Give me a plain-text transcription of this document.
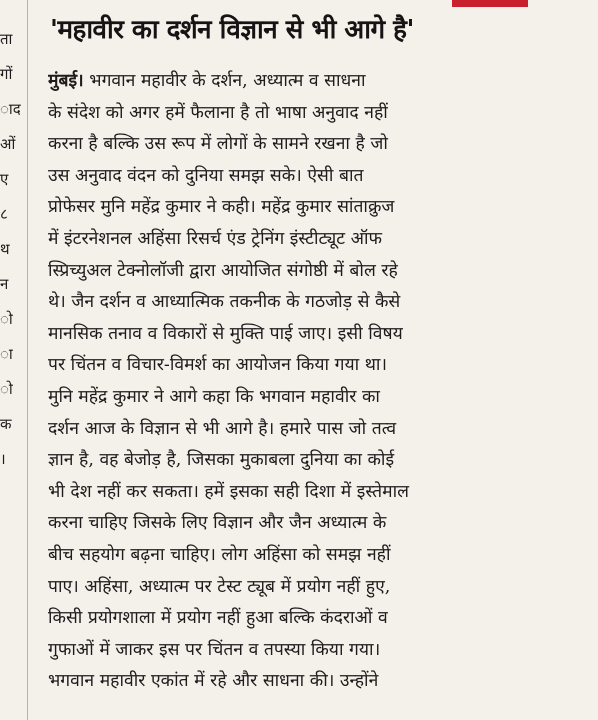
ता
गों
ाद
ओं
ए
८
थ
न
ो
ा
ो
क
।
'महावीर का दर्शन विज्ञान से भी आगे है'
मुंबई। भगवान महावीर के दर्शन, अध्यात्म व साधना
के संदेश को अगर हमें फैलाना है तो भाषा अनुवाद नहीं
करना है बल्कि उस रूप में लोगों के सामने रखना है जो
उस अनुवाद वंदन को दुनिया समझ सके। ऐसी बात
प्रोफेसर मुनि महेंद्र कुमार ने कही। महेंद्र कुमार सांताक्रुज
में इंटरनेशनल अहिंसा रिसर्च एंड ट्रेनिंग इंस्टीट्यूट ऑफ
स्प्रिच्युअल टेक्नोलॉजी द्वारा आयोजित संगोष्ठी में बोल रहे
थे। जैन दर्शन व आध्यात्मिक तकनीक के गठजोड़ से कैसे
मानसिक तनाव व विकारों से मुक्ति पाई जाए। इसी विषय
पर चिंतन व विचार-विमर्श का आयोजन किया गया था।
मुनि महेंद्र कुमार ने आगे कहा कि भगवान महावीर का
दर्शन आज के विज्ञान से भी आगे है। हमारे पास जो तत्व
ज्ञान है, वह बेजोड़ है, जिसका मुकाबला दुनिया का कोई
भी देश नहीं कर सकता। हमें इसका सही दिशा में इस्तेमाल
करना चाहिए जिसके लिए विज्ञान और जैन अध्यात्म के
बीच सहयोग बढ़ना चाहिए। लोग अहिंसा को समझ नहीं
पाए। अहिंसा, अध्यात्म पर टेस्ट ट्यूब में प्रयोग नहीं हुए,
किसी प्रयोगशाला में प्रयोग नहीं हुआ बल्कि कंदराओं व
गुफाओं में जाकर इस पर चिंतन व तपस्या किया गया।
भगवान महावीर एकांत में रहे और साधना की। उन्होंने
